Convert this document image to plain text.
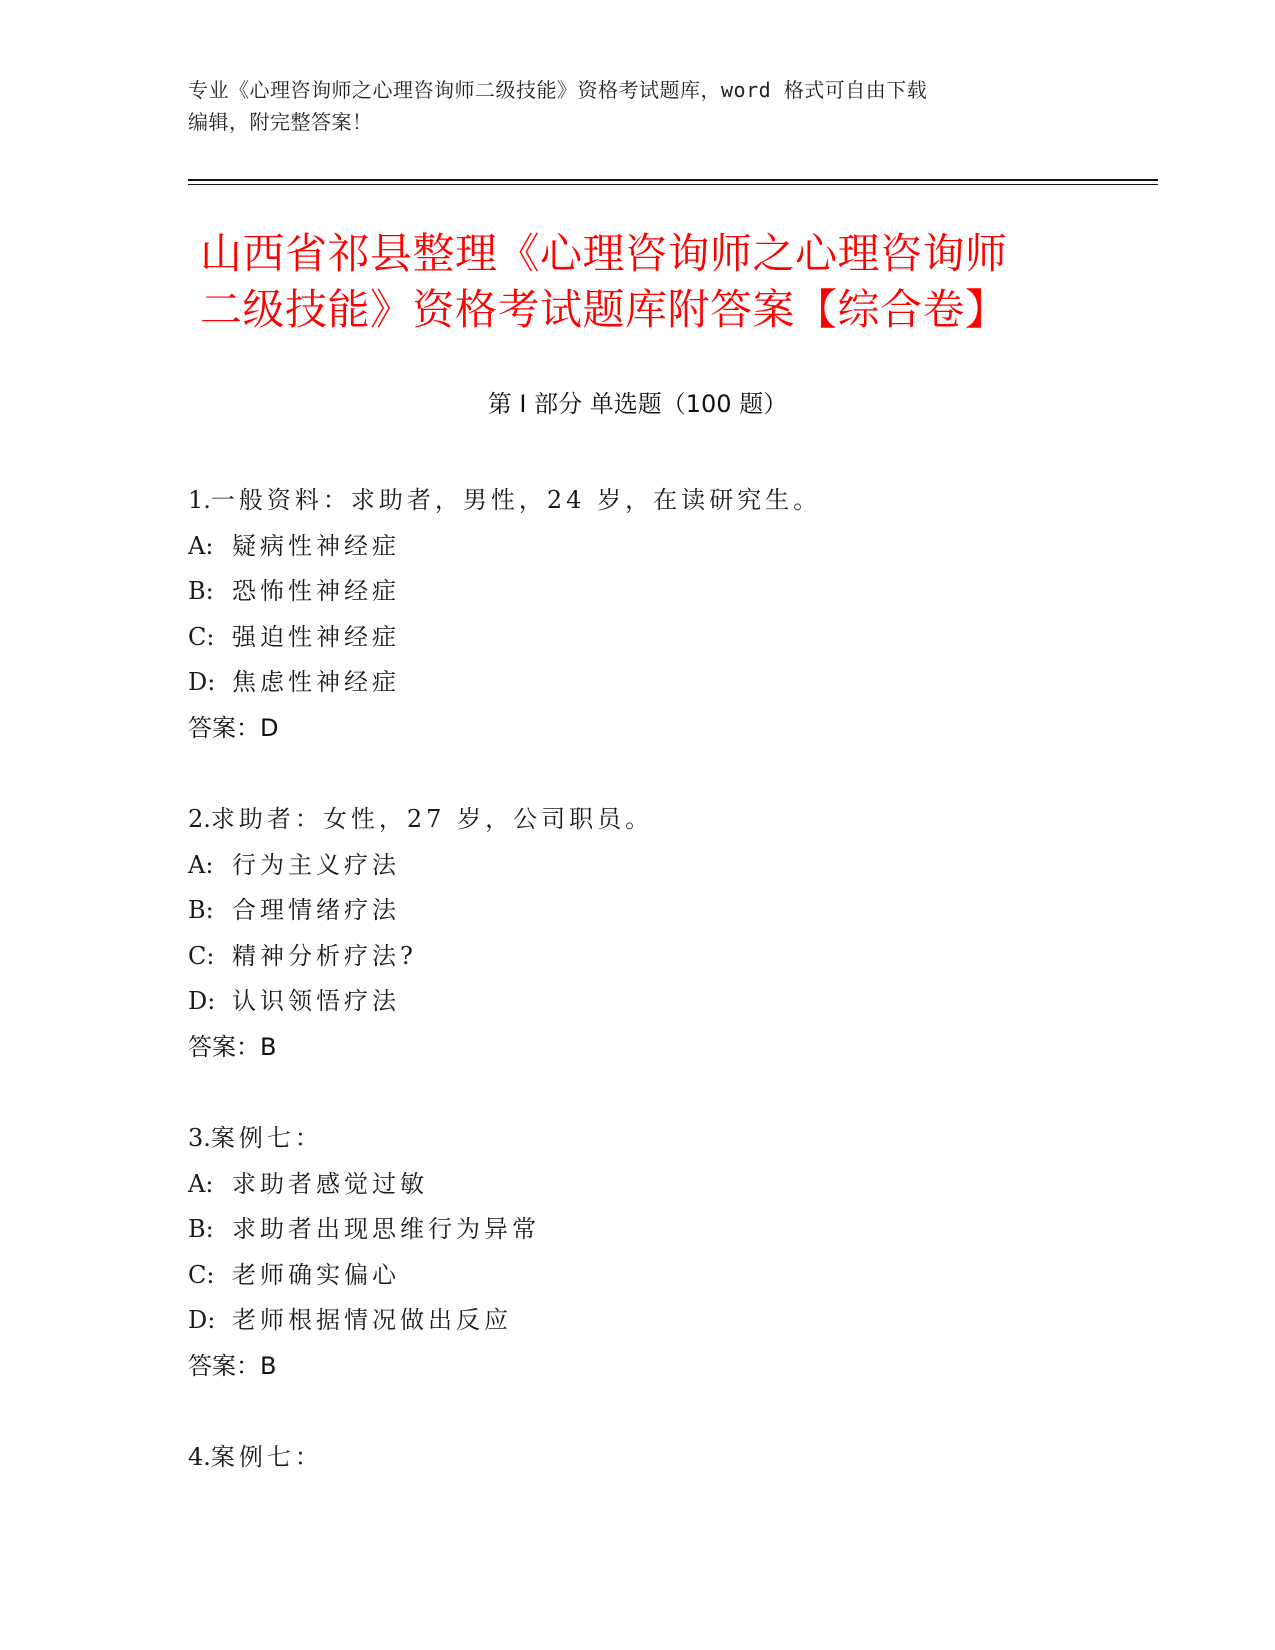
专业《心理咨询师之心理咨询师二级技能》资格考试题库，word 格式可自由下载
编辑，附完整答案！
山西省祁县整理《心理咨询师之心理咨询师
二级技能》资格考试题库附答案【综合卷】
第 I 部分 单选题（100 题）
1.一般资料：求助者，男性，24 岁，在读研究生。
A: 疑病性神经症
B: 恐怖性神经症
C: 强迫性神经症
D: 焦虑性神经症
答案：D
2.求助者：女性，27 岁，公司职员。
A: 行为主义疗法
B: 合理情绪疗法
C: 精神分析疗法?
D: 认识领悟疗法
答案：B
3.案例七：
A: 求助者感觉过敏
B: 求助者出现思维行为异常
C: 老师确实偏心
D: 老师根据情况做出反应
答案：B
4.案例七：
